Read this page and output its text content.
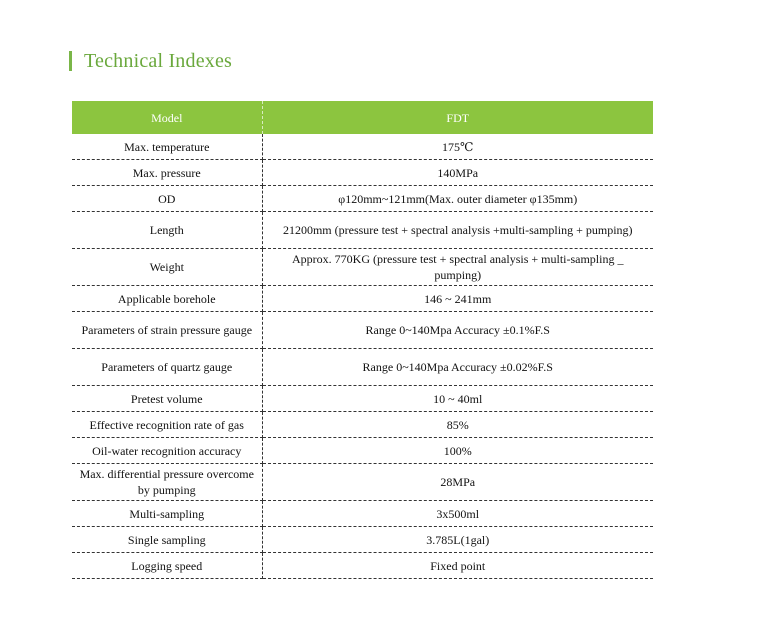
Technical Indexes
Model	FDT
Max. temperature	175℃
Max. pressure	140MPa
OD	φ120mm~121mm(Max. outer diameter φ135mm)
Length	21200mm (pressure test + spectral analysis +multi-sampling + pumping)
Weight	Approx. 770KG (pressure test + spectral analysis + multi-sampling _ pumping)
Applicable borehole	146 ~ 241mm
Parameters of strain pressure gauge	Range 0~140Mpa Accuracy ±0.1%F.S
Parameters of quartz gauge	Range 0~140Mpa Accuracy ±0.02%F.S
Pretest volume	10 ~ 40ml
Effective recognition rate of gas	85%
Oil-water recognition accuracy	100%
Max. differential pressure overcome by pumping	28MPa
Multi-sampling	3x500ml
Single sampling	3.785L(1gal)
Logging speed	Fixed point
